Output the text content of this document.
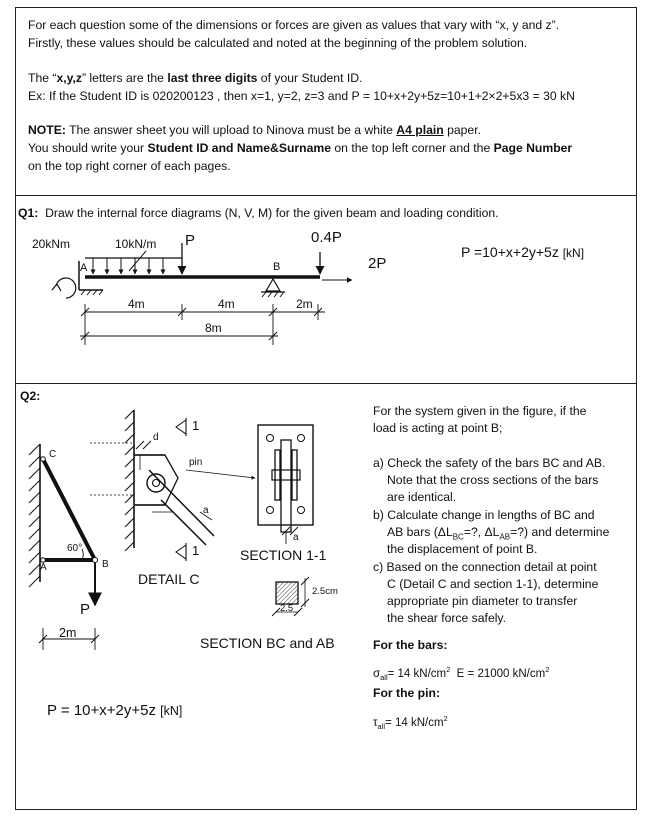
For each question some of the dimensions or forces are given as values that vary with “x, y and z”.
Firstly, these values should be calculated and noted at the beginning of the problem solution.
The “x,y,z” letters are the last three digits of your Student ID.
Ex: If the Student ID is 020200123 , then x=1, y=2, z=3 and P = 10+x+2y+5z=10+1+2×2+5x3 = 30 kN
NOTE: The answer sheet you will upload to Ninova must be a white A4 plain paper.
You should write your Student ID and Name&Surname on the top left corner and the Page Number
on the top right corner of each pages.
Q1: Draw the internal force diagrams (N, V, M) for the given beam and loading condition.
20kNm	10kN/m P	0.4P
2P
P =10+x+2y+5z [kN]
A	B
4m	4m	2m
8m
Q2:
C
A	B
60°
P
2m
d
pin
a
1
1
DETAIL C
a
SECTION 1-1
2.5cm
2.5
SECTION BC and AB
P = 10+x+2y+5z [kN]
For the system given in the figure, if the
load is acting at point B;
a) Check the safety of the bars BC and AB.
Note that the cross sections of the bars
are identical.
b) Calculate change in lengths of BC and
AB bars ($\Delta L_{BC}=$?, $\Delta L_{AB}=$?) and determine
the displacement of point B.
c) Based on the connection detail at point
C (Detail C and section 1-1), determine
appropriate pin diameter to transfer
the shear force safely.
For the bars:
$\sigma_{all}= 14$ $kN/cm^2$ E = 21000 $kN/cm^2$
For the pin:
$\tau_{all}= 14$ $kN/cm^2$
